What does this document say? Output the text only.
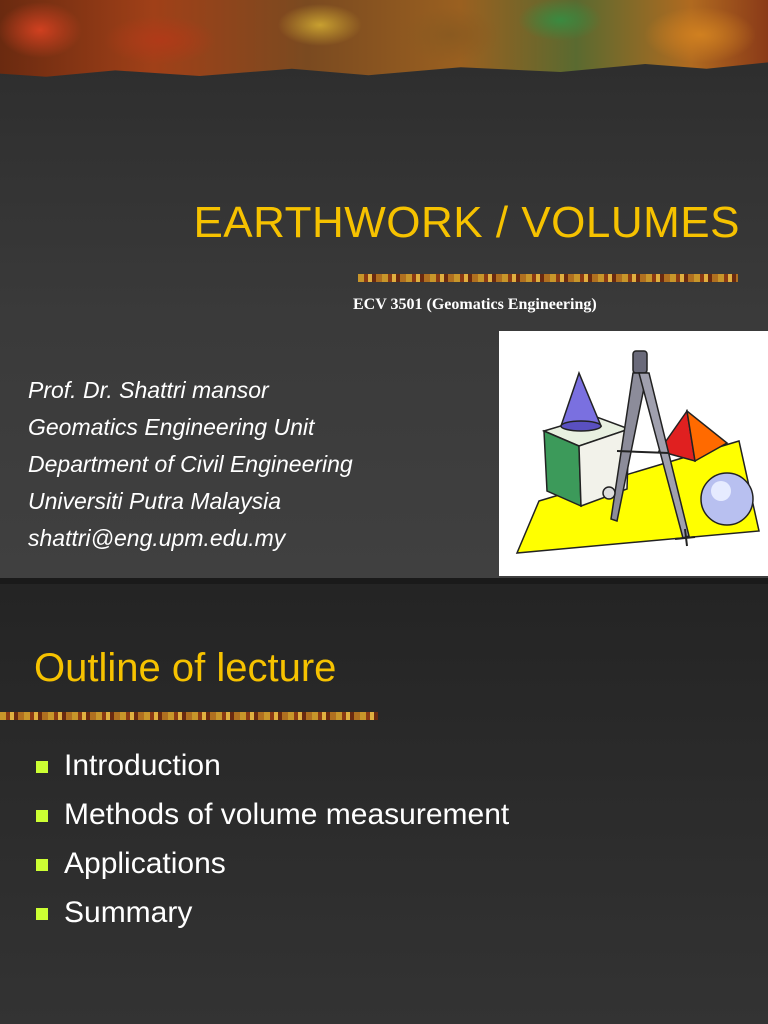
EARTHWORK / VOLUMES
ECV 3501 (Geomatics Engineering)
Prof. Dr. Shattri mansor
Geomatics Engineering Unit
Department of Civil Engineering
Universiti Putra Malaysia
shattri@eng.upm.edu.my
Outline of lecture
Introduction
Methods of volume measurement
Applications
Summary
